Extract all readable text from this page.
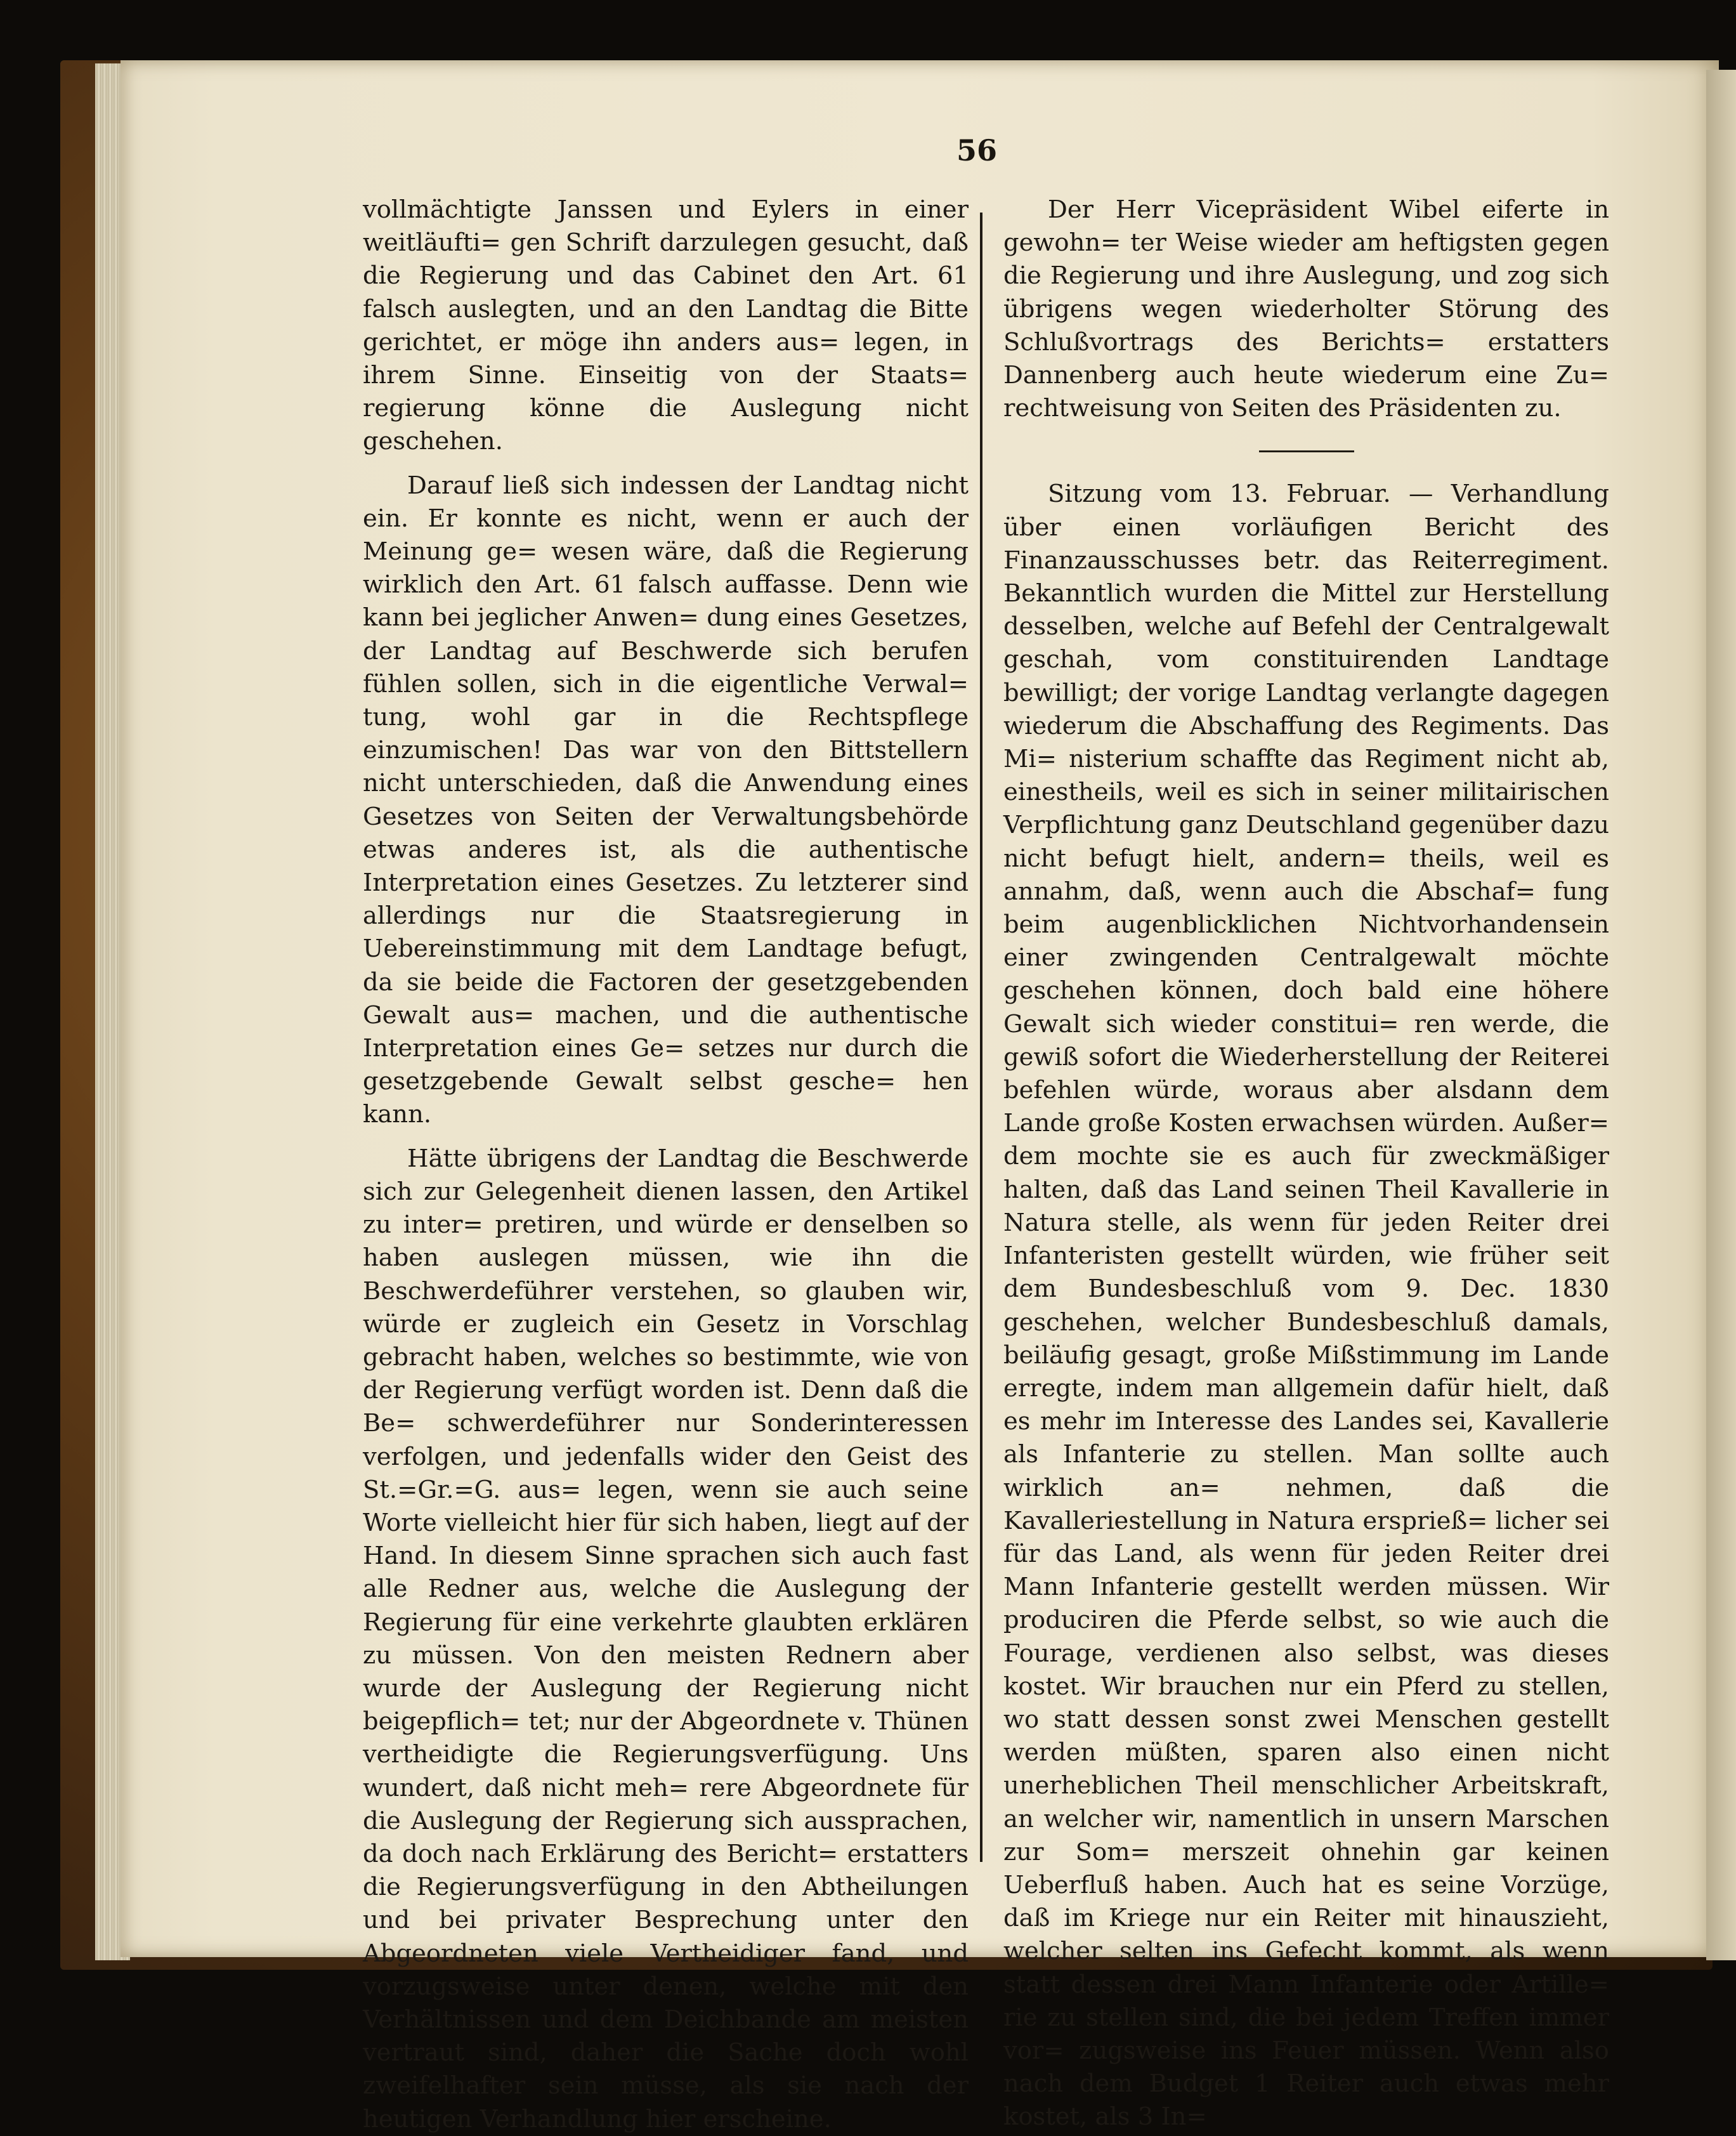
56

vollmächtigte Janssen und Eylers in einer weitläufti= gen Schrift darzulegen gesucht, daß die Regierung und das Cabinet den Art. 61 falsch auslegten, und an den Landtag die Bitte gerichtet, er möge ihn anders aus= legen, in ihrem Sinne. Einseitig von der Staats= regierung könne die Auslegung nicht geschehen.

Darauf ließ sich indessen der Landtag nicht ein. Er konnte es nicht, wenn er auch der Meinung ge= wesen wäre, daß die Regierung wirklich den Art. 61 falsch auffasse. Denn wie kann bei jeglicher Anwen= dung eines Gesetzes, der Landtag auf Beschwerde sich berufen fühlen sollen, sich in die eigentliche Verwal= tung, wohl gar in die Rechtspflege einzumischen! Das war von den Bittstellern nicht unterschieden, daß die Anwendung eines Gesetzes von Seiten der Verwaltungsbehörde etwas anderes ist, als die authentische Interpretation eines Gesetzes. Zu letzterer sind allerdings nur die Staatsregierung in Uebereinstimmung mit dem Landtage befugt, da sie beide die Factoren der gesetzgebenden Gewalt aus= machen, und die authentische Interpretation eines Ge= setzes nur durch die gesetzgebende Gewalt selbst gesche= hen kann.

Hätte übrigens der Landtag die Beschwerde sich zur Gelegenheit dienen lassen, den Artikel zu inter= pretiren, und würde er denselben so haben auslegen müssen, wie ihn die Beschwerdeführer verstehen, so glauben wir, würde er zugleich ein Gesetz in Vorschlag gebracht haben, welches so bestimmte, wie von der Regierung verfügt worden ist. Denn daß die Be= schwerdeführer nur Sonderinteressen verfolgen, und jedenfalls wider den Geist des St.=Gr.=G. aus= legen, wenn sie auch seine Worte vielleicht hier für sich haben, liegt auf der Hand. In diesem Sinne sprachen sich auch fast alle Redner aus, welche die Auslegung der Regierung für eine verkehrte glaubten erklären zu müssen. Von den meisten Rednern aber wurde der Auslegung der Regierung nicht beigepflich= tet; nur der Abgeordnete v. Thünen vertheidigte die Regierungsverfügung. Uns wundert, daß nicht meh= rere Abgeordnete für die Auslegung der Regierung sich aussprachen, da doch nach Erklärung des Bericht= erstatters die Regierungsverfügung in den Abtheilungen und bei privater Besprechung unter den Abgeordneten viele Vertheidiger fand, und vorzugsweise unter denen, welche mit den Verhältnissen und dem Deichbande am meisten vertraut sind, daher die Sache doch wohl zweifelhafter sein müsse, als sie nach der heutigen Verhandlung hier erscheine.

Der Herr Vicepräsident Wibel eiferte in gewohn= ter Weise wieder am heftigsten gegen die Regierung und ihre Auslegung, und zog sich übrigens wegen wiederholter Störung des Schlußvortrags des Berichts= erstatters Dannenberg auch heute wiederum eine Zu= rechtweisung von Seiten des Präsidenten zu.

Sitzung vom 13. Februar. — Verhandlung über einen vorläufigen Bericht des Finanzausschusses betr. das Reiterregiment. Bekanntlich wurden die Mittel zur Herstellung desselben, welche auf Befehl der Centralgewalt geschah, vom constituirenden Landtage bewilligt; der vorige Landtag verlangte dagegen wiederum die Abschaffung des Regiments. Das Mi= nisterium schaffte das Regiment nicht ab, einestheils, weil es sich in seiner militairischen Verpflichtung ganz Deutschland gegenüber dazu nicht befugt hielt, andern= theils, weil es annahm, daß, wenn auch die Abschaf= fung beim augenblicklichen Nichtvorhandensein einer zwingenden Centralgewalt möchte geschehen können, doch bald eine höhere Gewalt sich wieder constitui= ren werde, die gewiß sofort die Wiederherstellung der Reiterei befehlen würde, woraus aber alsdann dem Lande große Kosten erwachsen würden. Außer= dem mochte sie es auch für zweckmäßiger halten, daß das Land seinen Theil Kavallerie in Natura stelle, als wenn für jeden Reiter drei Infanteristen gestellt würden, wie früher seit dem Bundesbeschluß vom 9. Dec. 1830 geschehen, welcher Bundesbeschluß damals, beiläufig gesagt, große Mißstimmung im Lande erregte, indem man allgemein dafür hielt, daß es mehr im Interesse des Landes sei, Kavallerie als Infanterie zu stellen. Man sollte auch wirklich an= nehmen, daß die Kavalleriestellung in Natura ersprieß= licher sei für das Land, als wenn für jeden Reiter drei Mann Infanterie gestellt werden müssen. Wir produciren die Pferde selbst, so wie auch die Fourage, verdienen also selbst, was dieses kostet. Wir brauchen nur ein Pferd zu stellen, wo statt dessen sonst zwei Menschen gestellt werden müßten, sparen also einen nicht unerheblichen Theil menschlicher Arbeitskraft, an welcher wir, namentlich in unsern Marschen zur Som= merszeit ohnehin gar keinen Ueberfluß haben. Auch hat es seine Vorzüge, daß im Kriege nur ein Reiter mit hinauszieht, welcher selten ins Gefecht kommt, als wenn statt dessen drei Mann Infanterie oder Artille= rie zu stellen sind, die bei jedem Treffen immer vor= zugsweise ins Feuer müssen. Wenn also nach dem Budget 1 Reiter auch etwas mehr kostet, als 3 In=
